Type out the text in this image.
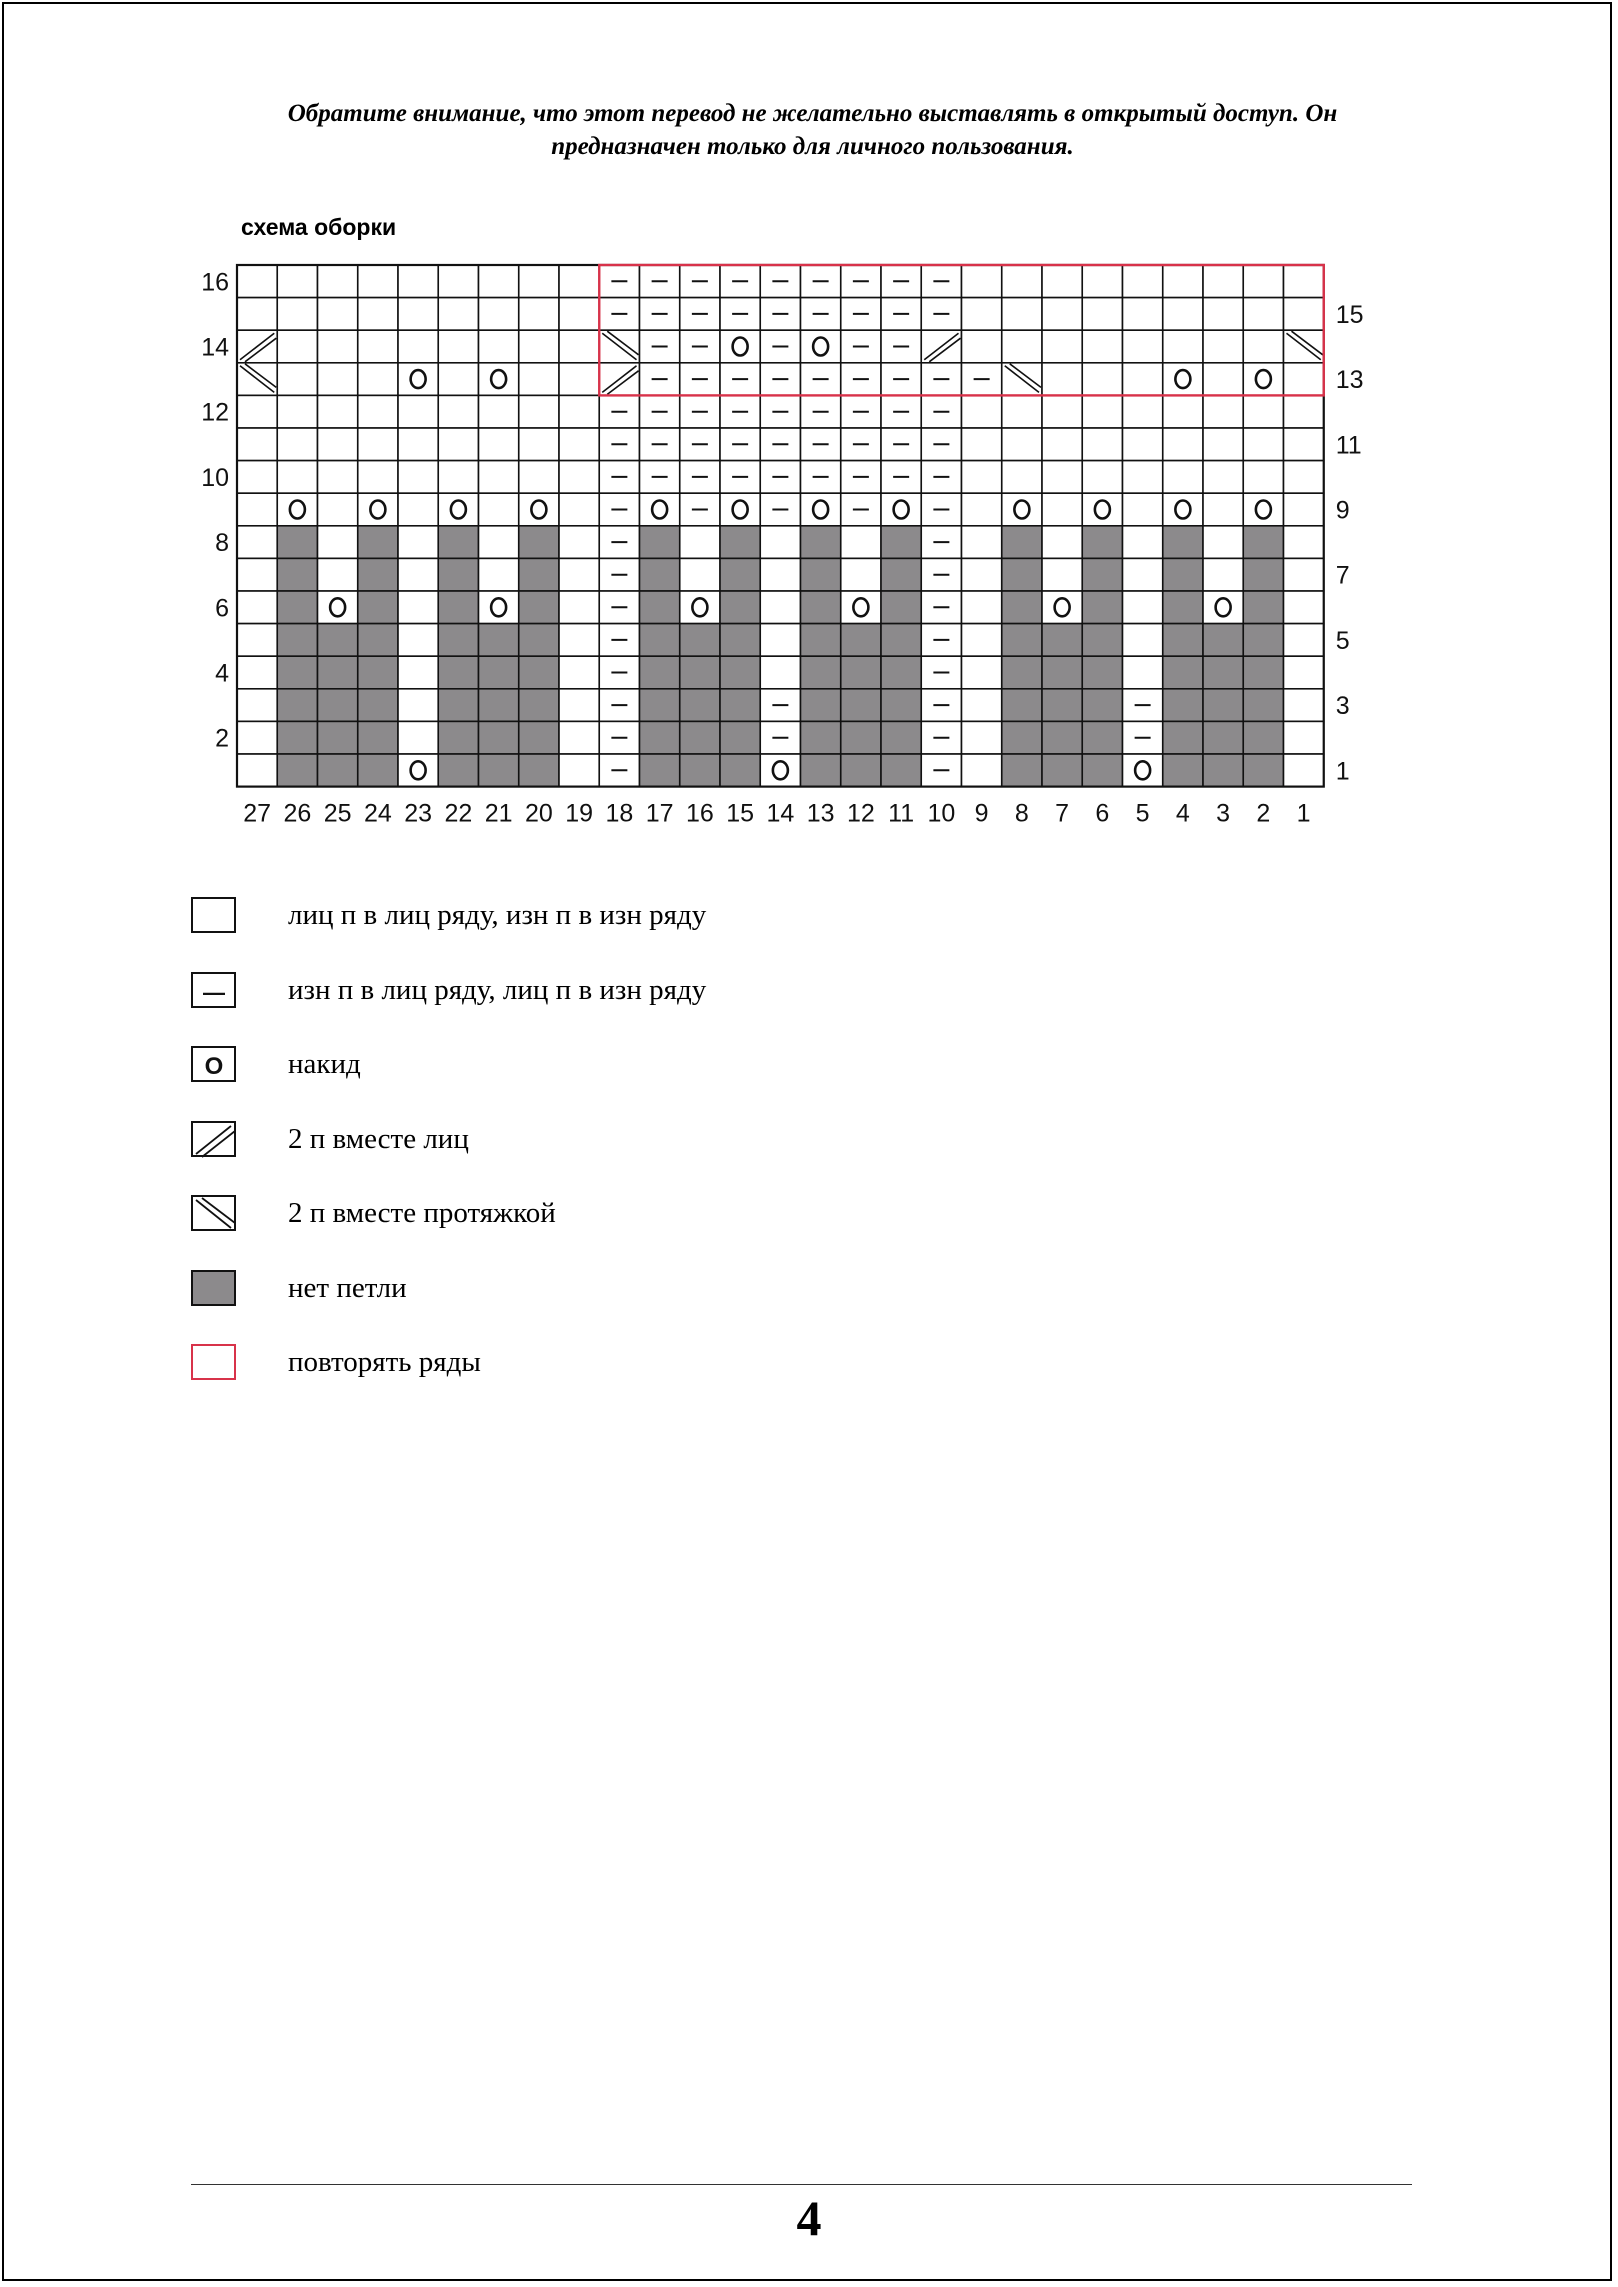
Обратите внимание, что этот перевод не желательно выставлять в открытый доступ. Он
предназначен только для личного пользования.
схема оборки
16
14
12
10
8
6
4
2
15
13
11
9
7
5
3
1
27 26 25 24 23 22 21 20 19 18 17 16 15 14 13 12 11 10 9 8 7 6 5 4 3 2 1
лиц п в лиц ряду, изн п в изн ряду
— изн п в лиц ряду, лиц п в изн ряду
O накид
2 п вместе лиц
2 п вместе протяжкой
нет петли
повторять ряды
4
